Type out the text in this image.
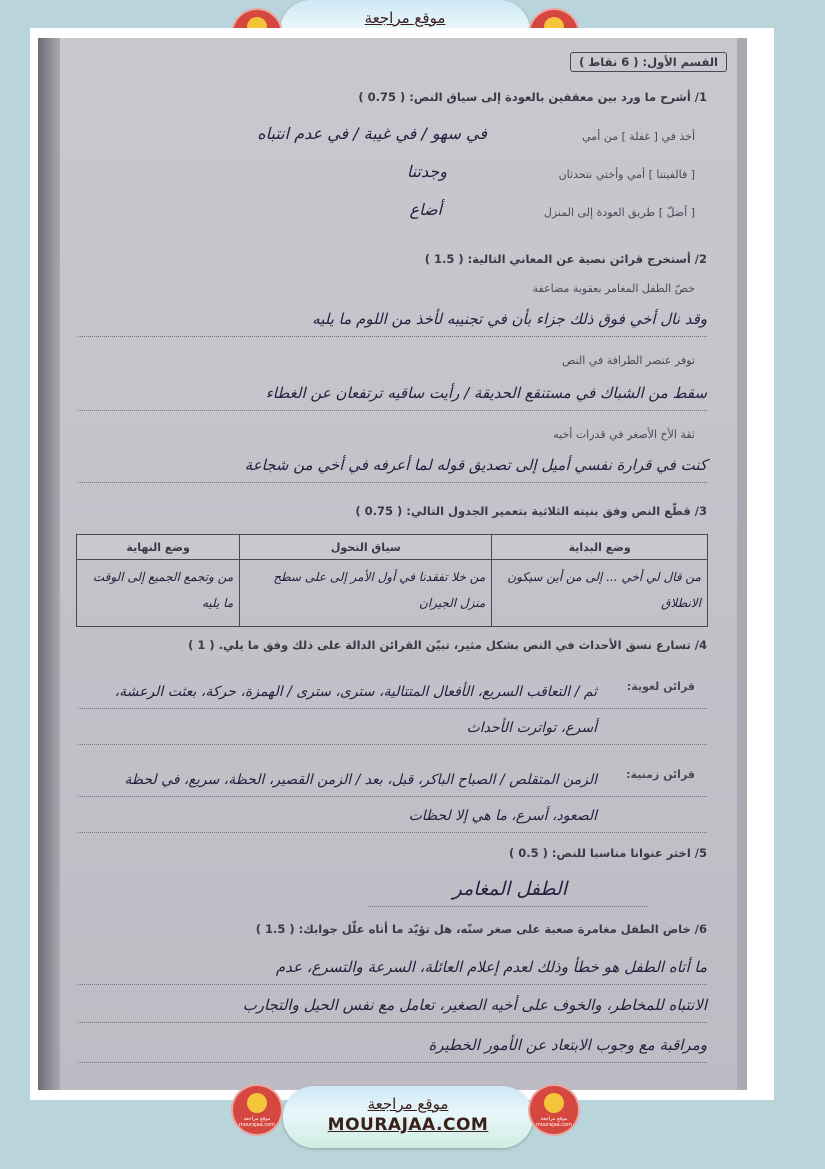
موقع مراجعة
القسم الأول: ( 6 نقاط )
1/ أشرح ما ورد بين معقفين بالعودة إلى سياق النص: ( 0.75 )
أخذ في [ غفلة ] من أمي
في سهو / في غيبة / في عدم انتباه
[ فالفيتنا ] أمي وأختي نتحدثان
وجدتنا
[ أضلّ ] طريق العودة إلى المنزل
أضاع
2/ أستخرج قرائن نصية عن المعاني التالية: ( 1.5 )
خصّ الطفل المغامر بعقوبة مضاعفة
وقد نال أخي فوق ذلك جزاء بأن في تجنيبه لأخذ من اللوم ما يليه
توفر عنصر الطرافة في النص
سقط من الشباك في مستنقع الحديقة / رأيت ساقيه ترتفعان عن الغطاء
ثقة الأخ الأصغر في قدرات أخيه
كنت في قرارة نفسي أميل إلى تصديق قوله لما أعرفه في أخي من شجاعة
3/ قطّع النص وفق بنيته الثلاثية بتعمير الجدول التالي: ( 0.75 )
وضع البداية	سياق التحول	وضع النهاية
من قال لي أخي ... إلى من أين سيكون الانطلاق	من خلا تفقدنا في أول الأمر إلى على سطح منزل الجيران	من وتجمع الجميع إلى الوقت ما يليه
4/ تسارع نسق الأحداث في النص بشكل مثير، تبيّن القرائن الدالة على ذلك وفق ما يلي. ( 1 )
قرائن لغوية:
ثم / التعاقب السريع، الأفعال المتتالية، سترى، سترى / الهمزة، حركة، بعثت الرعشة، أسرع، تواترت الأحداث
قرائن زمنية:
الزمن المتقلص / الصباح الباكر، قبل، بعد / الزمن القصير، الحظة، سريع، في لحظة الصعود، أسرع، ما هي إلا لحظات
5/ اختر عنوانا مناسبا للنص: ( 0.5 )
الطفل المغامر
6/ خاض الطفل مغامرة صعبة على صغر سنّه، هل تؤيّد ما أتاه علّل جوابك: ( 1.5 )
ما أتاه الطفل هو خطأ وذلك لعدم إعلام العائلة، السرعة والتسرع، عدم
الانتباه للمخاطر، والخوف على أخيه الصغير، تعامل مع نفس الحيل والتجارب
ومراقبة مع وجوب الابتعاد عن الأمور الخطيرة
موقع مراجعة
MOURAJAA.COM
موقع مراجعة mourajaa.com
موقع مراجعة mourajaa.com
